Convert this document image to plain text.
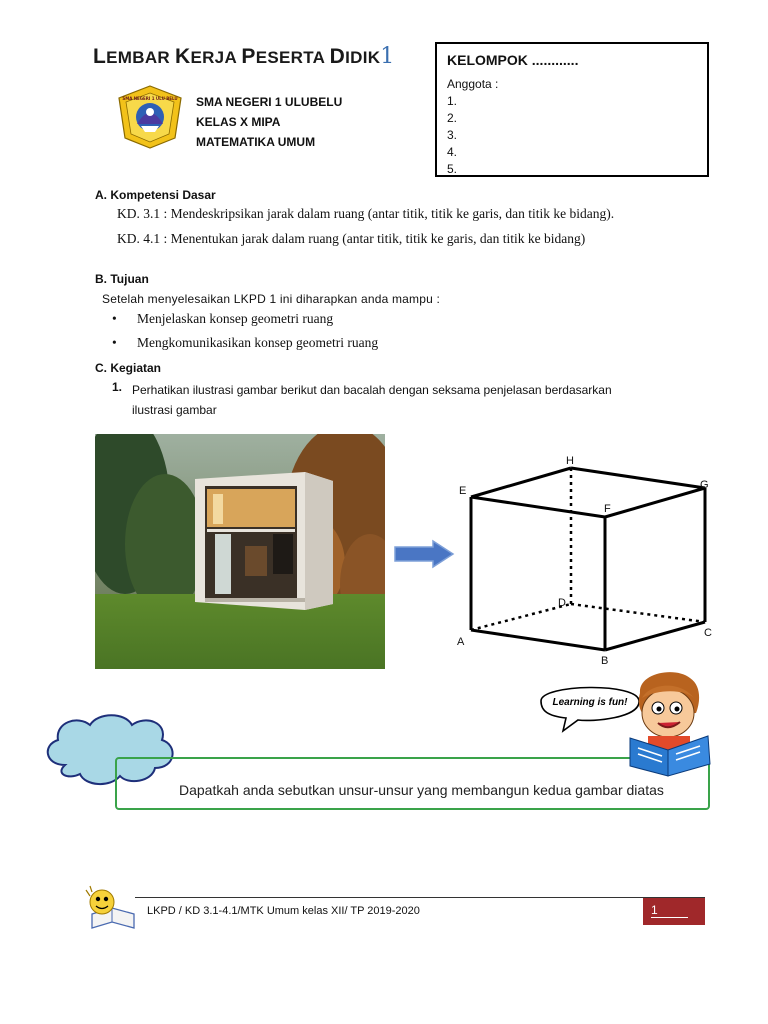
LEMBAR KERJA PESERTA DIDIK1
SMA NEGERI 1 ULU BELU SMA NEGERI 1 ULUBELU
KELAS X MIPA
MATEMATIKA UMUM
KELOMPOK ............
Anggota :
1.
2.
3.
4.
5.
A. Kompetensi Dasar
KD. 3.1 : Mendeskripsikan jarak dalam ruang (antar titik, titik ke garis, dan titik ke bidang).
KD. 4.1 : Menentukan jarak dalam ruang (antar titik, titik ke garis, dan titik ke bidang)
B. Tujuan
Setelah menyelesaikan LKPD 1 ini diharapkan anda mampu :
• Menjelaskan konsep geometri ruang
• Mengkomunikasikan konsep geometri ruang
C. Kegiatan
1. Perhatikan ilustrasi gambar berikut dan bacalah dengan seksama penjelasan berdasarkan
ilustrasi gambar
A
B
C
D
E
F
G
H
Dapatkah anda sebutkan unsur-unsur yang membangun kedua gambar diatas
Learning is fun!
LKPD / KD 3.1-4.1/MTK Umum kelas XII/ TP 2019-2020	1
